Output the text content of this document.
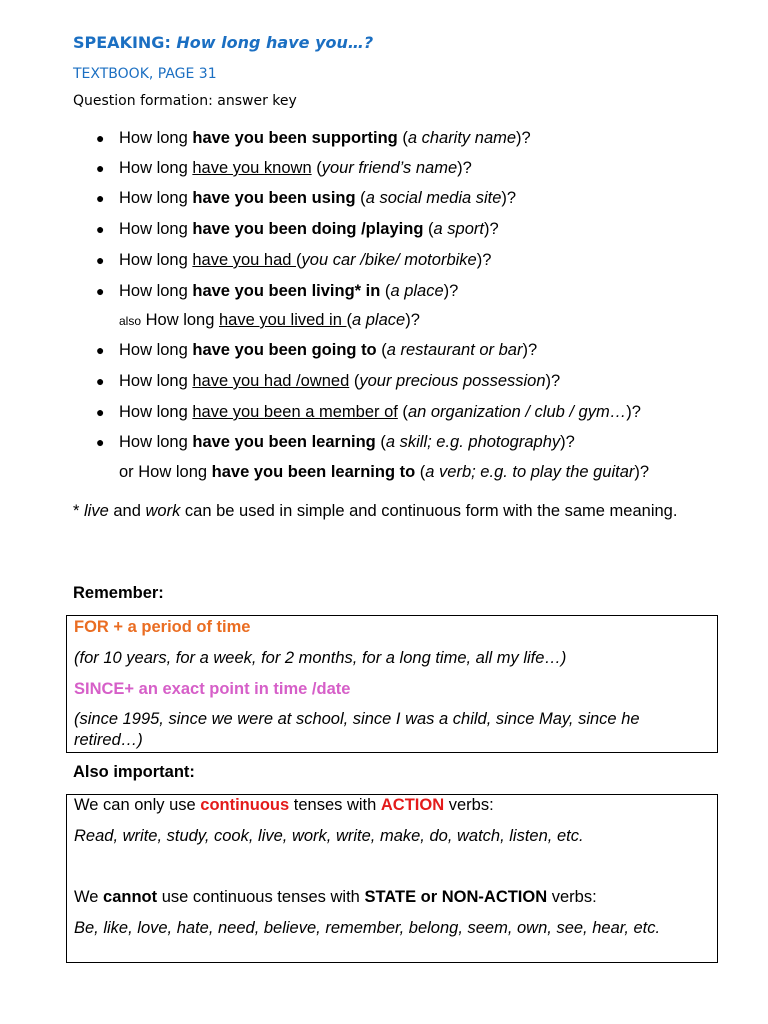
SPEAKING: How long have you…?
TEXTBOOK, PAGE 31
Question formation: answer key
● How long have you been supporting (a charity name)?
● How long have you known (your friend’s name)?
● How long have you been using (a social media site)?
● How long have you been doing /playing (a sport)?
● How long have you had (you car /bike/ motorbike)?
● How long have you been living* in (a place)?
also How long have you lived in (a place)?
● How long have you been going to (a restaurant or bar)?
● How long have you had /owned (your precious possession)?
● How long have you been a member of (an organization / club / gym…)?
● How long have you been learning (a skill; e.g. photography)?
or How long have you been learning to (a verb; e.g. to play the guitar)?
* live and work can be used in simple and continuous form with the same meaning.
Remember:
FOR + a period of time
(for 10 years, for a week, for 2 months, for a long time, all my life…)
SINCE+ an exact point in time /date
(since 1995, since we were at school, since I was a child, since May, since he retired…)
Also important:
We can only use continuous tenses with ACTION verbs:
Read, write, study, cook, live, work, write, make, do, watch, listen, etc.
We cannot use continuous tenses with STATE or NON-ACTION verbs:
Be, like, love, hate, need, believe, remember, belong, seem, own, see, hear, etc.
